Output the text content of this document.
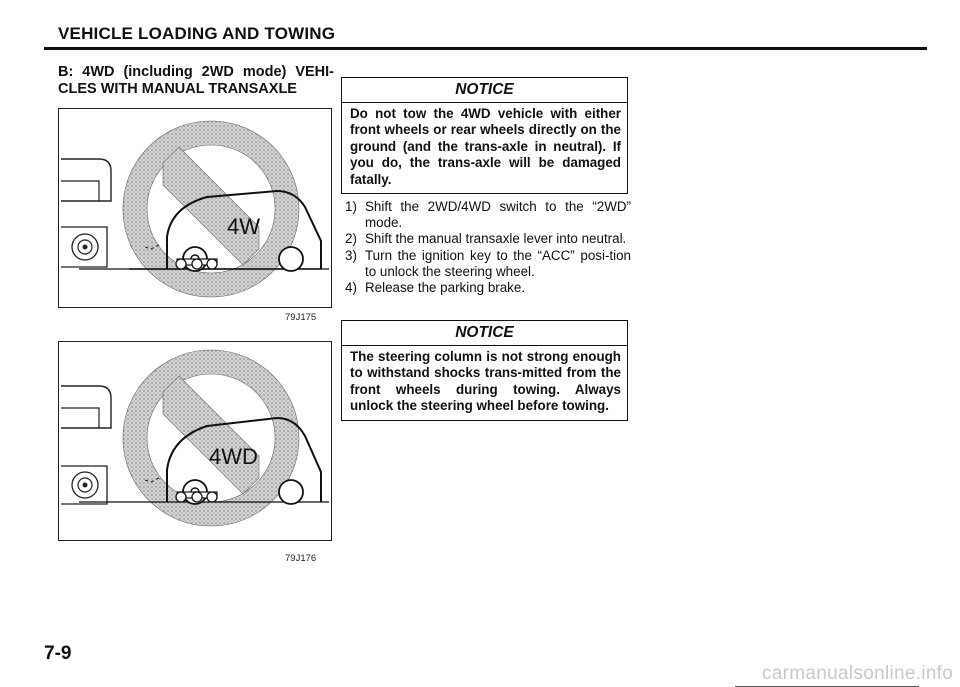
VEHICLE LOADING AND TOWING
B: 4WD (including 2WD mode) VEHI-CLES WITH MANUAL TRANSAXLE
4W
79J175
4WD
79J176
NOTICE
Do not tow the 4WD vehicle with either front wheels or rear wheels directly on the ground (and the trans-axle in neutral). If you do, the trans-axle will be damaged fatally.
1) Shift the 2WD/4WD switch to the “2WD” mode.
2) Shift the manual transaxle lever into neutral.
3) Turn the ignition key to the “ACC” posi-tion to unlock the steering wheel.
4) Release the parking brake.
NOTICE
The steering column is not strong enough to withstand shocks trans-mitted from the front wheels during towing. Always unlock the steering wheel before towing.
7-9
carmanualsonline.info
